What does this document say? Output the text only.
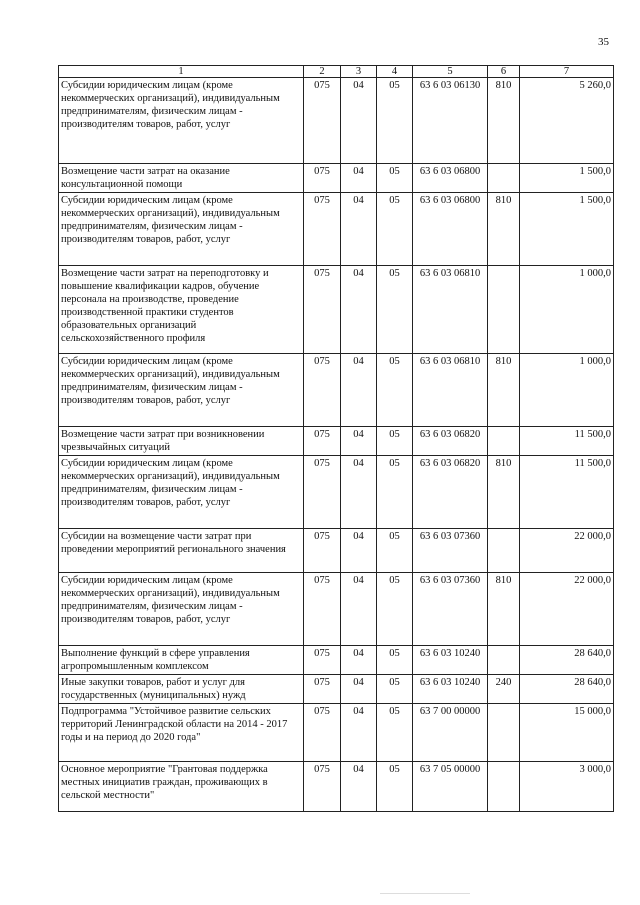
35
1	2	3	4	5	6	7
Субсидии юридическим лицам (кроме некоммерческих организаций), индивидуальным предпринимателям, физическим лицам - производителям товаров, работ, услуг	075	04	05	63 6 03 06130	810	5 260,0
Возмещение части затрат на оказание консультационной помощи	075	04	05	63 6 03 06800		1 500,0
Субсидии юридическим лицам (кроме некоммерческих организаций), индивидуальным предпринимателям, физическим лицам - производителям товаров, работ, услуг	075	04	05	63 6 03 06800	810	1 500,0
Возмещение части затрат на переподготовку и повышение квалификации кадров, обучение персонала на производстве, проведение производственной практики студентов образовательных организаций сельскохозяйственного профиля	075	04	05	63 6 03 06810		1 000,0
Субсидии юридическим лицам (кроме некоммерческих организаций), индивидуальным предпринимателям, физическим лицам - производителям товаров, работ, услуг	075	04	05	63 6 03 06810	810	1 000,0
Возмещение части затрат при возникновении чрезвычайных ситуаций	075	04	05	63 6 03 06820		11 500,0
Субсидии юридическим лицам (кроме некоммерческих организаций), индивидуальным предпринимателям, физическим лицам - производителям товаров, работ, услуг	075	04	05	63 6 03 06820	810	11 500,0
Субсидии на возмещение части затрат при проведении мероприятий регионального значения	075	04	05	63 6 03 07360		22 000,0
Субсидии юридическим лицам (кроме некоммерческих организаций), индивидуальным предпринимателям, физическим лицам - производителям товаров, работ, услуг	075	04	05	63 6 03 07360	810	22 000,0
Выполнение функций в сфере управления агропромышленным комплексом	075	04	05	63 6 03 10240		28 640,0
Иные закупки товаров, работ и услуг для государственных (муниципальных) нужд	075	04	05	63 6 03 10240	240	28 640,0
Подпрограмма "Устойчивое развитие сельских территорий Ленинградской области на 2014 - 2017 годы и на период до 2020 года"	075	04	05	63 7 00 00000		15 000,0
Основное мероприятие "Грантовая поддержка местных инициатив граждан, проживающих в сельской местности"	075	04	05	63 7 05 00000		3 000,0
